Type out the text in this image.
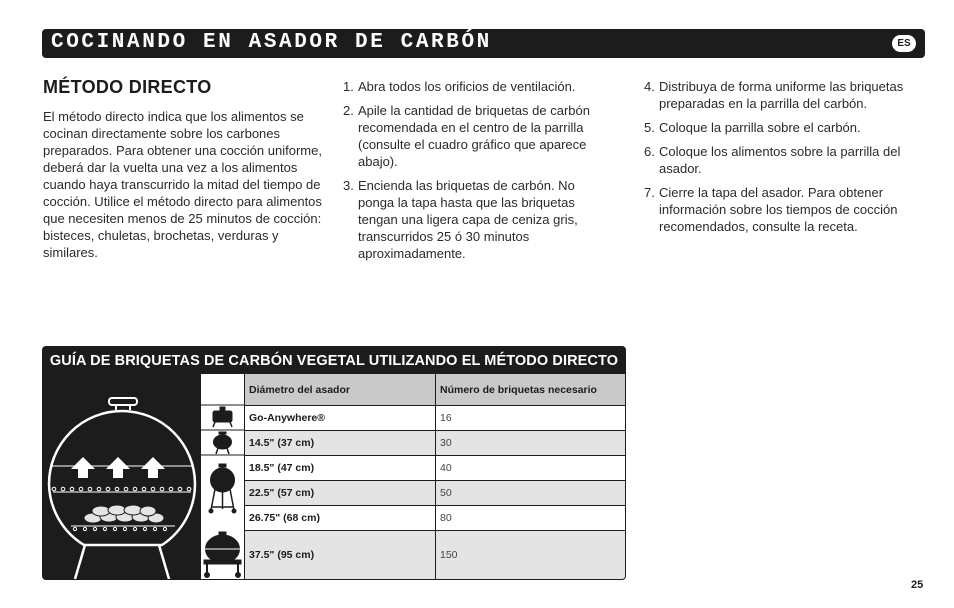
COCINANDO EN ASADOR DE CARBÓN	ES
MÉTODO DIRECTO

El método directo indica que los alimentos se cocinan directamente sobre los carbones preparados. Para obtener una cocción uniforme, deberá dar la vuelta una vez a los alimentos cuando haya transcurrido la mitad del tiempo de cocción. Utilice el método directo para alimentos que necesiten menos de 25 minutos de cocción: bisteces, chuletas, brochetas, verduras y similares.

1. Abra todos los orificios de ventilación.
2. Apile la cantidad de briquetas de carbón recomendada en el centro de la parrilla (consulte el cuadro gráfico que aparece abajo).
3. Encienda las briquetas de carbón. No ponga la tapa hasta que las briquetas tengan una ligera capa de ceniza gris, transcurridos 25 ó 30 minutos aproximadamente.
4. Distribuya de forma uniforme las briquetas preparadas en la parrilla del carbón.
5. Coloque la parrilla sobre el carbón.
6. Coloque los alimentos sobre la parrilla del asador.
7. Cierre la tapa del asador. Para obtener información sobre los tiempos de cocción recomendados, consulte la receta.
GUÍA DE BRIQUETAS DE CARBÓN VEGETAL UTILIZANDO EL MÉTODO DIRECTO
Diámetro del asador	Número de briquetas necesario
Go-Anywhere®	16
14.5" (37 cm)	30
18.5" (47 cm)	40
22.5" (57 cm)	50
26.75" (68 cm)	80
37.5" (95 cm)	150
25
